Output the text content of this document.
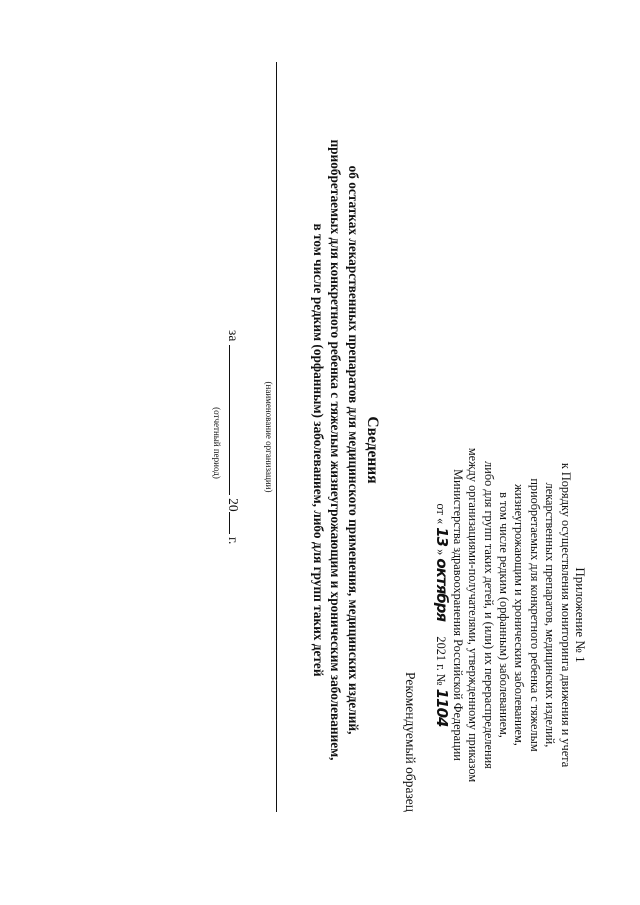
Приложение № 1
к Порядку осуществления мониторинга движения и учета
лекарственных препаратов, медицинских изделий,
приобретаемых для конкретного ребенка с тяжелым
жизнеугрожающим и хроническим заболеванием,
в том числе редким (орфанным) заболеванием,
либо для групп таких детей, и (или) их перераспределения
между организациями-получателями, утвержденному приказом
Министерства здравоохранения Российской Федерации
от « 13 » октября     2021 г. № 1104
Рекомендуемый образец
Сведения
об остатках лекарственных препаратов для медицинского применения, медицинских изделий,
приобретаемых для конкретного ребенка с тяжелым жизнеугрожающим и хроническим заболеванием,
в том числе редким (орфанным) заболеванием, либо для групп таких детей
(наименование организации)
за  20 г.
(отчетный период)
